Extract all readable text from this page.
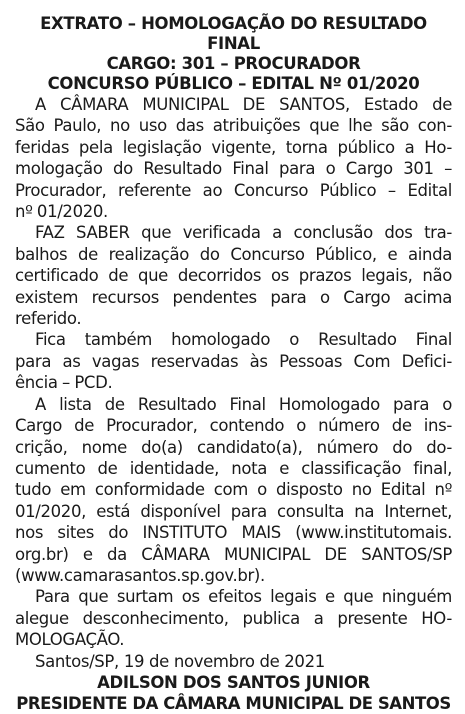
EXTRATO – HOMOLOGAÇÃO DO RESULTADO

FINAL

CARGO: 301 – PROCURADOR

CONCURSO PÚBLICO – EDITAL Nº 01/2020

A CÂMARA MUNICIPAL DE SANTOS, Estado de
São Paulo, no uso das atribuições que lhe são con-
feridas pela legislação vigente, torna público a Ho-
mologação do Resultado Final para o Cargo 301 –
Procurador, referente ao Concurso Público – Edital
nº 01/2020.

FAZ SABER que verificada a conclusão dos tra-
balhos de realização do Concurso Público, e ainda
certificado de que decorridos os prazos legais, não
existem recursos pendentes para o Cargo acima
referido.

Fica também homologado o Resultado Final
para as vagas reservadas às Pessoas Com Defici-
ência – PCD.

A lista de Resultado Final Homologado para o
Cargo de Procurador, contendo o número de ins-
crição, nome do(a) candidato(a), número do do-
cumento de identidade, nota e classificação final,
tudo em conformidade com o disposto no Edital nº
01/2020, está disponível para consulta na Internet,
nos sites do INSTITUTO MAIS (www.institutomais.
org.br) e da CÂMARA MUNICIPAL DE SANTOS/SP
(www.camarasantos.sp.gov.br).

Para que surtam os efeitos legais e que ninguém
alegue desconhecimento, publica a presente HO-
MOLOGAÇÃO.

Santos/SP, 19 de novembro de 2021

ADILSON DOS SANTOS JUNIOR

PRESIDENTE DA CÂMARA MUNICIPAL DE SANTOS
